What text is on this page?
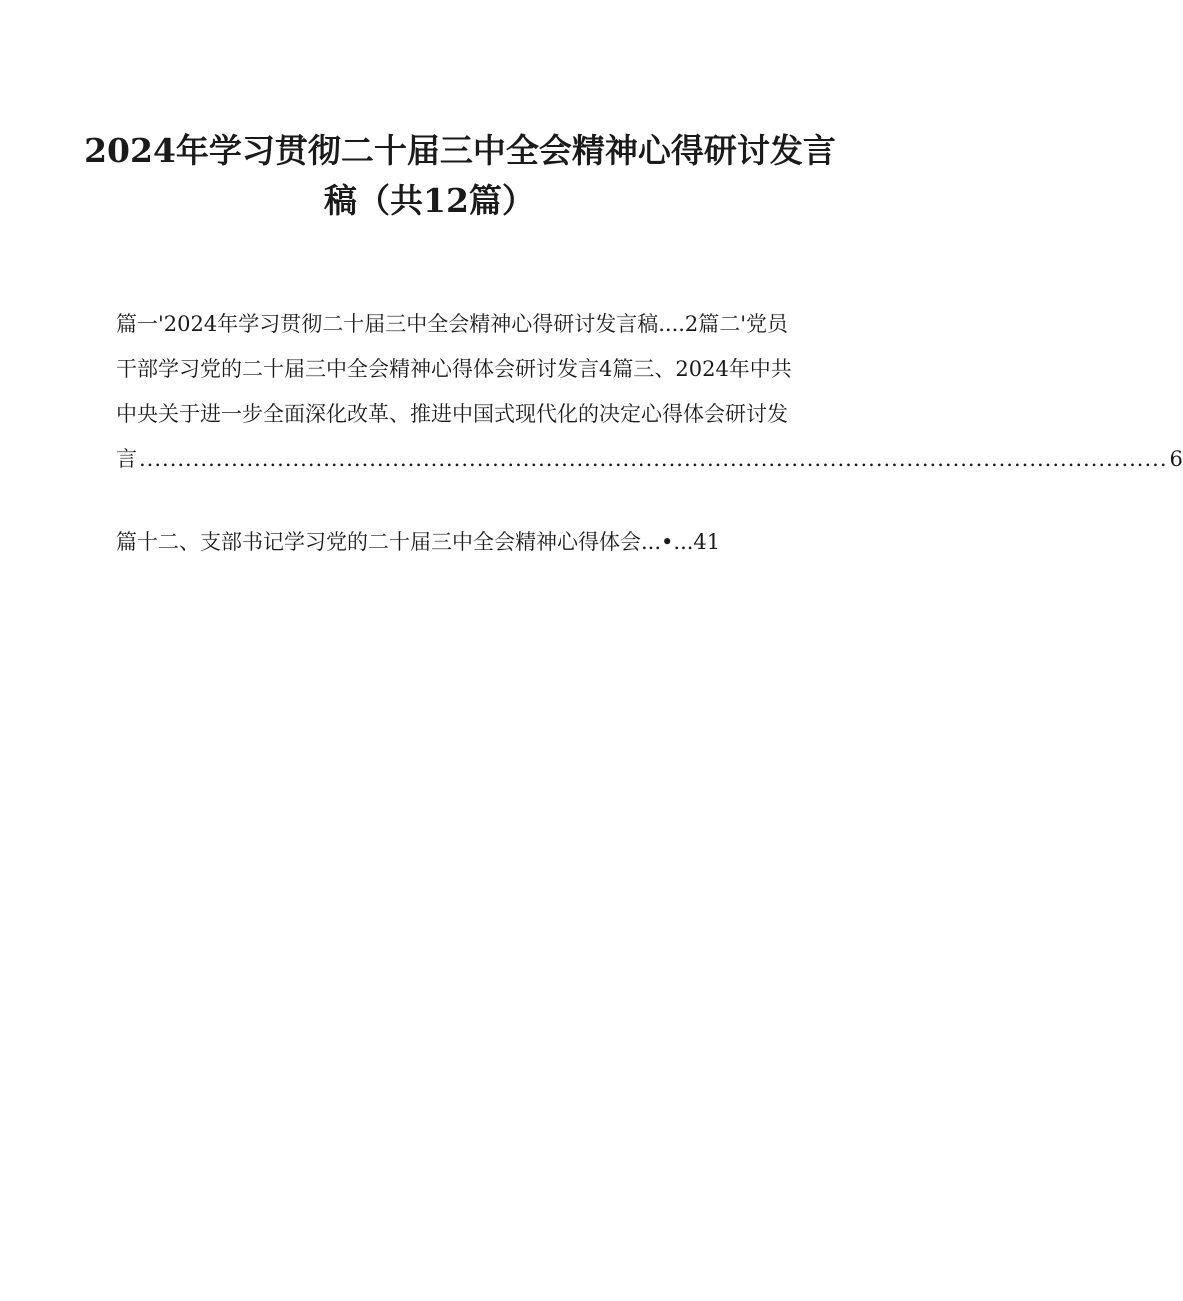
2024年学习贯彻二十届三中全会精神心得研讨发言
稿（共12篇）
篇一'2024年学习贯彻二十届三中全会精神心得研讨发言稿....2篇二'党员
干部学习党的二十届三中全会精神心得体会研讨发言4篇三、2024年中共
中央关于进一步全面深化改革、推进中国式现代化的决定心得体会研讨发
言 ...................................................................................................................................... 6
篇十二、支部书记学习党的二十届三中全会精神心得体会...•...41
